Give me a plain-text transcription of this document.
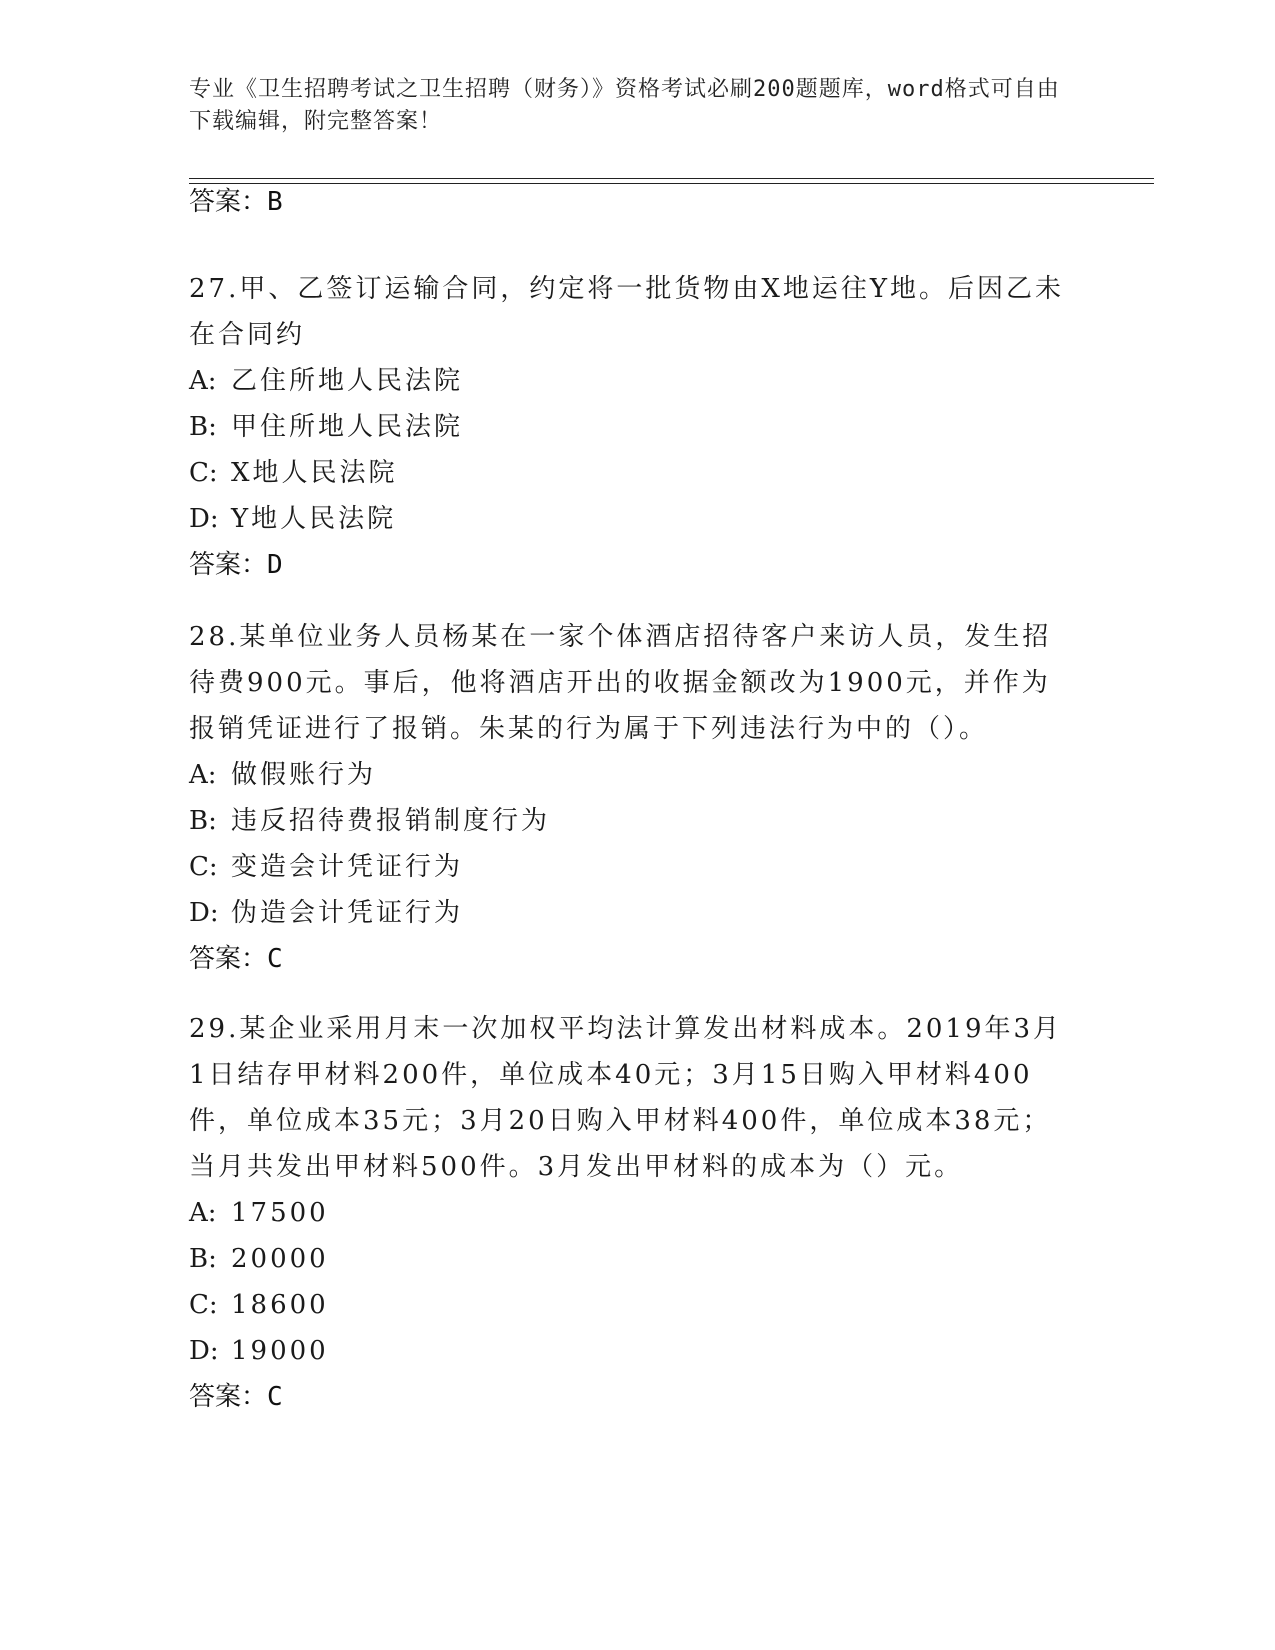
专业《卫生招聘考试之卫生招聘（财务）》资格考试必刷200题题库，word格式可自由下载编辑，附完整答案！
答案：B

27.甲、乙签订运输合同，约定将一批货物由X地运往Y地。后因乙未在合同约

A: 乙住所地人民法院
B: 甲住所地人民法院
C: X地人民法院
D: Y地人民法院
答案：D

28.某单位业务人员杨某在一家个体酒店招待客户来访人员，发生招待费900元。事后，他将酒店开出的收据金额改为1900元，并作为报销凭证进行了报销。朱某的行为属于下列违法行为中的（）。

A: 做假账行为
B: 违反招待费报销制度行为
C: 变造会计凭证行为
D: 伪造会计凭证行为
答案：C

29.某企业采用月末一次加权平均法计算发出材料成本。2019年3月1日结存甲材料200件，单位成本40元；3月15日购入甲材料400件，单位成本35元；3月20日购入甲材料400件，单位成本38元；当月共发出甲材料500件。3月发出甲材料的成本为（）元。

A: 17500
B: 20000
C: 18600
D: 19000
答案：C
